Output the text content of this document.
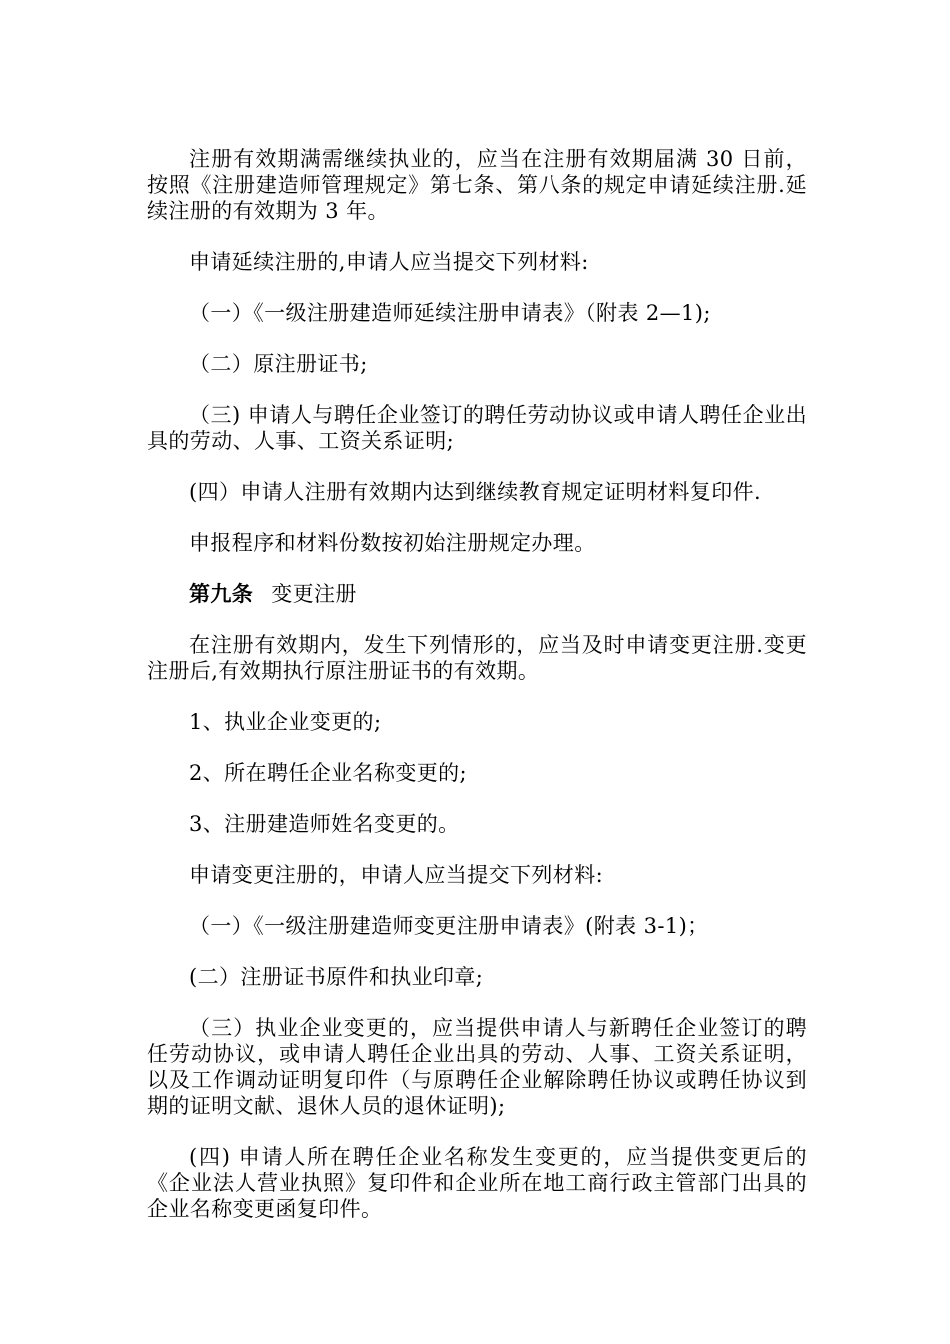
注册有效期满需继续执业的，应当在注册有效期届满 30 日前，按照《注册建造师管理规定》第七条、第八条的规定申请延续注册.延续注册的有效期为 3 年。

申请延续注册的,申请人应当提交下列材料:

（一）《一级注册建造师延续注册申请表》（附表 2—1);

（二）原注册证书;

（三) 申请人与聘任企业签订的聘任劳动协议或申请人聘任企业出具的劳动、人事、工资关系证明;

(四）申请人注册有效期内达到继续教育规定证明材料复印件.

申报程序和材料份数按初始注册规定办理。

第九条 变更注册

在注册有效期内，发生下列情形的，应当及时申请变更注册.变更注册后,有效期执行原注册证书的有效期。

1、执业企业变更的;

2、所在聘任企业名称变更的;

3、注册建造师姓名变更的。

申请变更注册的，申请人应当提交下列材料:

（一）《一级注册建造师变更注册申请表》(附表 3-1)；

(二）注册证书原件和执业印章;

（三）执业企业变更的，应当提供申请人与新聘任企业签订的聘任劳动协议，或申请人聘任企业出具的劳动、人事、工资关系证明，以及工作调动证明复印件（与原聘任企业解除聘任协议或聘任协议到期的证明文献、退休人员的退休证明);

(四) 申请人所在聘任企业名称发生变更的，应当提供变更后的《企业法人营业执照》复印件和企业所在地工商行政主管部门出具的企业名称变更函复印件。
